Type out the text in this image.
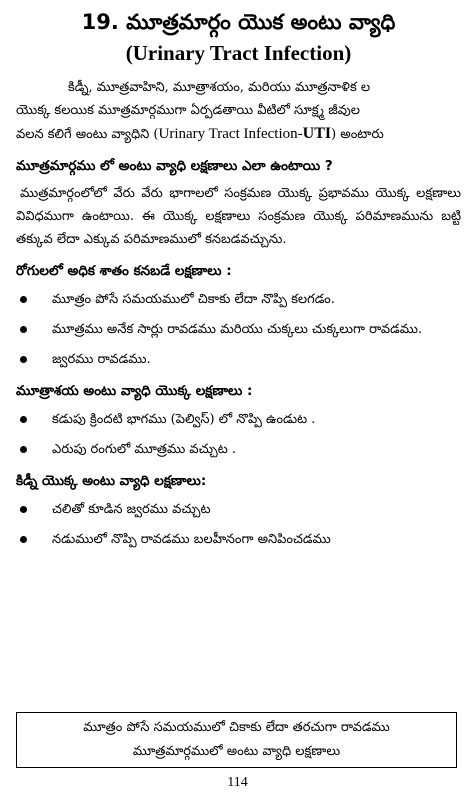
19. మూత్రమార్గం యొక అంటు వ్యాధి
(Urinary Tract Infection)

కిడ్నీ, మూత్రవాహిని, మూత్రాశయం, మరియు మూత్రనాళిక ల

యొక్క కలయిక మూత్రమార్గముగా ఏర్పడతాయి వీటిలో సూక్ష్మ జీవుల

వలన కలిగే అంటు వ్యాధిని (Urinary Tract Infection-UTI) అంటారు

మూత్రమార్గము లో అంటు వ్యాధి లక్షణాలు ఎలా ఉంటాయి ?

ముత్రమార్గంలోలో వేరు వేరు భాగాలలో సంక్రమణ యొక్క ప్రభావము యొక్క లక్షణాలు వివిధముగా ఉంటాయి. ఈ యొక్క లక్షణాలు సంక్రమణ యొక్క పరిమాణమును బట్టి తక్కువ లేదా ఎక్కువ పరిమాణములో కనబడవచ్చును.

రోగులలో అధిక శాతం కనబడే లక్షణాలు :
మూత్రం పోసే సమయములో చికాకు లేదా నొప్పి కలగడం.
మూత్రము అనేక సార్లు రావడము మరియు చుక్కలు చుక్కలుగా రావడము.
జ్వరము రావడము.
మూత్రాశయ అంటు వ్యాధి యొక్క లక్షణాలు :
కడుపు క్రిందటి భాగము (పెల్విస్) లో నొప్పి ఉండుట .
ఎరుపు రంగులో మూత్రము వచ్చుట .
కిడ్నీ యొక్క అంటు వ్యాధి లక్షణాలు:
చలితో కూడిన జ్వరము వచ్చుట
నడుములో నొప్పి రావడము బలహీనంగా అనిపించడము

మూత్రం పోసే సమయములో చికాకు లేదా తరచుగా రావడము

మూత్రమార్గములో అంటు వ్యాధి లక్షణాలు

114
